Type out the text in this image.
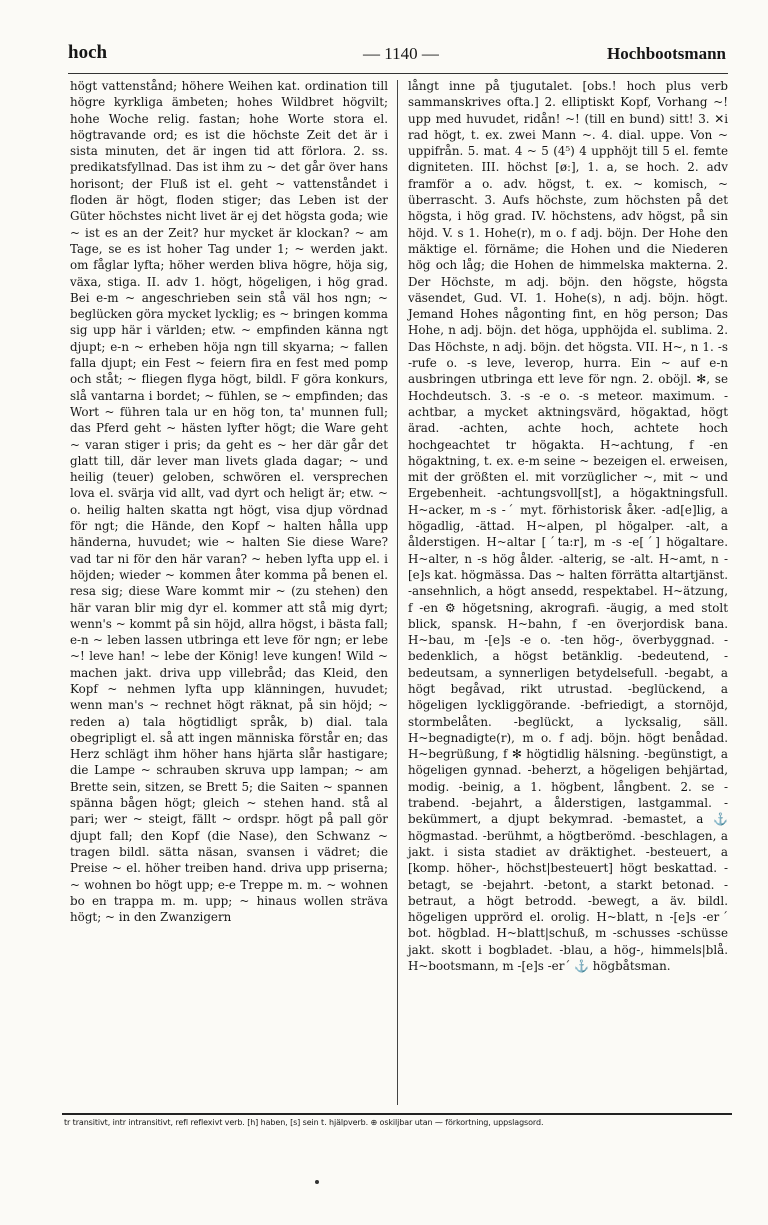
hoch	— 1140 —	Hochbootsmann

högt vattenstånd; höhere Weihen kat. ordination till högre kyrkliga ämbeten; hohes Wildbret högvilt; hohe Woche relig. fastan; hohe Worte stora el. högtravande ord; es ist die höchste Zeit det är i sista minuten, det är ingen tid att förlora. 2. ss. predikatsfyllnad. Das ist ihm zu ~ det går över hans horisont; der Fluß ist el. geht ~ vattenståndet i floden är högt, floden stiger; das Leben ist der Güter höchstes nicht livet är ej det högsta goda; wie ~ ist es an der Zeit? hur mycket är klockan? ~ am Tage, se es ist hoher Tag under 1; ~ werden jakt. om fåglar lyfta; höher werden bliva högre, höja sig, växa, stiga. II. adv 1. högt, högeligen, i hög grad. Bei e-m ~ angeschrieben sein stå väl hos ngn; ~ beglücken göra mycket lycklig; es ~ bringen komma sig upp här i världen; etw. ~ empfinden känna ngt djupt; e-n ~ erheben höja ngn till skyarna; ~ fallen falla djupt; ein Fest ~ feiern fira en fest med pomp och ståt; ~ fliegen flyga högt, bildl. F göra konkurs, slå vantarna i bordet; ~ fühlen, se ~ empfinden; das Wort ~ führen tala ur en hög ton, ta' munnen full; das Pferd geht ~ hästen lyfter högt; die Ware geht ~ varan stiger i pris; da geht es ~ her där går det glatt till, där lever man livets glada dagar; ~ und heilig (teuer) geloben, schwören el. versprechen lova el. svärja vid allt, vad dyrt och heligt är; etw. ~ o. heilig halten skatta ngt högt, visa djup vördnad för ngt; die Hände, den Kopf ~ halten hålla upp händerna, huvudet; wie ~ halten Sie diese Ware? vad tar ni för den här varan? ~ heben lyfta upp el. i höjden; wieder ~ kommen åter komma på benen el. resa sig; diese Ware kommt mir ~ (zu stehen) den här varan blir mig dyr el. kommer att stå mig dyrt; wenn's ~ kommt på sin höjd, allra högst, i bästa fall; e-n ~ leben lassen utbringa ett leve för ngn; er lebe ~! leve han! ~ lebe der König! leve kungen! Wild ~ machen jakt. driva upp villebråd; das Kleid, den Kopf ~ nehmen lyfta upp klänningen, huvudet; wenn man's ~ rechnet högt räknat, på sin höjd; ~ reden a) tala högtidligt språk, b) dial. tala obegripligt el. så att ingen människa förstår en; das Herz schlägt ihm höher hans hjärta slår hastigare; die Lampe ~ schrauben skruva upp lampan; ~ am Brette sein, sitzen, se Brett 5; die Saiten ~ spannen spänna bågen högt; gleich ~ stehen hand. stå al pari; wer ~ steigt, fällt ~ ordspr. högt på pall gör djupt fall; den Kopf (die Nase), den Schwanz ~ tragen bildl. sätta näsan, svansen i vädret; die Preise ~ el. höher treiben hand. driva upp priserna; ~ wohnen bo högt upp; e-e Treppe m. m. ~ wohnen bo en trappa m. m. upp; ~ hinaus wollen sträva högt; ~ in den Zwanzigern

långt inne på tjugutalet. [obs.! hoch plus verb sammanskrives ofta.] 2. elliptiskt Kopf, Vorhang ~! upp med huvudet, ridån! ~! (till en bund) sitt! 3. ✕i rad högt, t. ex. zwei Mann ~. 4. dial. uppe. Von ~ uppifrån. 5. mat. 4 ~ 5 (4⁵) 4 upphöjt till 5 el. femte digniteten. III. höchst [øː], 1. a, se hoch. 2. adv framför a o. adv. högst, t. ex. ~ komisch, ~ überrascht. 3. Aufs höchste, zum höchsten på det högsta, i hög grad. IV. höchstens, adv högst, på sin höjd. V. s 1. Hohe(r), m o. f adj. böjn. Der Hohe den mäktige el. förnäme; die Hohen und die Niederen hög och låg; die Hohen de himmelska makterna. 2. Der Höchste, m adj. böjn. den högste, högsta väsendet, Gud. VI. 1. Hohe(s), n adj. böjn. högt. Jemand Hohes någonting fint, en hög person; Das Hohe, n adj. böjn. det höga, upphöjda el. sublima. 2. Das Höchste, n adj. böjn. det högsta. VII. H~, n 1. -s -rufe o. -s leve, leverop, hurra. Ein ~ auf e-n ausbringen utbringa ett leve för ngn. 2. oböjl. ✻, se Hochdeutsch. 3. -s -e o. -s meteor. maximum. -achtbar, a mycket aktningsvärd, högaktad, högt ärad. -achten, achte hoch, achtete hoch hochgeachtet tr högakta. H~achtung, f -en högaktning, t. ex. e-m seine ~ bezeigen el. erweisen, mit der größten el. mit vorzüglicher ~, mit ~ und Ergebenheit. -achtungsvoll[st], a högaktningsfull. H~acker, m -s -ˊ myt. förhistorisk åker. -ad[e]lig, a högadlig, -ättad. H~alpen, pl högalper. -alt, a ålderstigen. H~altar [ˊta:r], m -s -e[ˊ] högaltare. H~alter, n -s hög ålder. -alterig, se -alt. H~amt, n -[e]s kat. högmässa. Das ~ halten förrätta altartjänst. -ansehnlich, a högt ansedd, respektabel. H~ätzung, f -en ⚙ högetsning, akrografi. -äugig, a med stolt blick, spansk. H~bahn, f -en överjordisk bana. H~bau, m -[e]s -e o. -ten hög-, överbyggnad. -bedenklich, a högst betänklig. -bedeutend, -bedeutsam, a synnerligen betydelsefull. -begabt, a högt begåvad, rikt utrustad. -beglückend, a högeligen lyckliggörande. -befriedigt, a stornöjd, stormbelåten. -beglückt, a lycksalig, säll. H~begnadigte(r), m o. f adj. böjn. högt benådad. H~begrüßung, f ✻ högtidlig hälsning. -begünstigt, a högeligen gynnad. -beherzt, a högeligen behjärtad, modig. -beinig, a 1. högbent, långbent. 2. se -trabend. -bejahrt, a ålderstigen, lastgammal. -bekümmert, a djupt bekymrad. -bemastet, a ⚓ högmastad. -berühmt, a högtberömd. -beschlagen, a jakt. i sista stadiet av dräktighet. -besteuert, a [komp. höher-, höchst|besteuert] högt beskattad. -betagt, se -bejahrt. -betont, a starkt betonad. -betraut, a högt betrodd. -bewegt, a äv. bildl. högeligen upprörd el. orolig. H~blatt, n -[e]s -erˊ bot. högblad. H~blatt|schuß, m -schusses -schüsse jakt. skott i bogbladet. -blau, a hög-, himmels|blå. H~bootsmann, m -[e]s -erˊ ⚓ högbåtsman.

tr transitivt, intr intransitivt, refl reflexivt verb. [h] haben, [s] sein t. hjälpverb. ⊕ oskiljbar utan ⁓ förkortning, uppslagsord.
